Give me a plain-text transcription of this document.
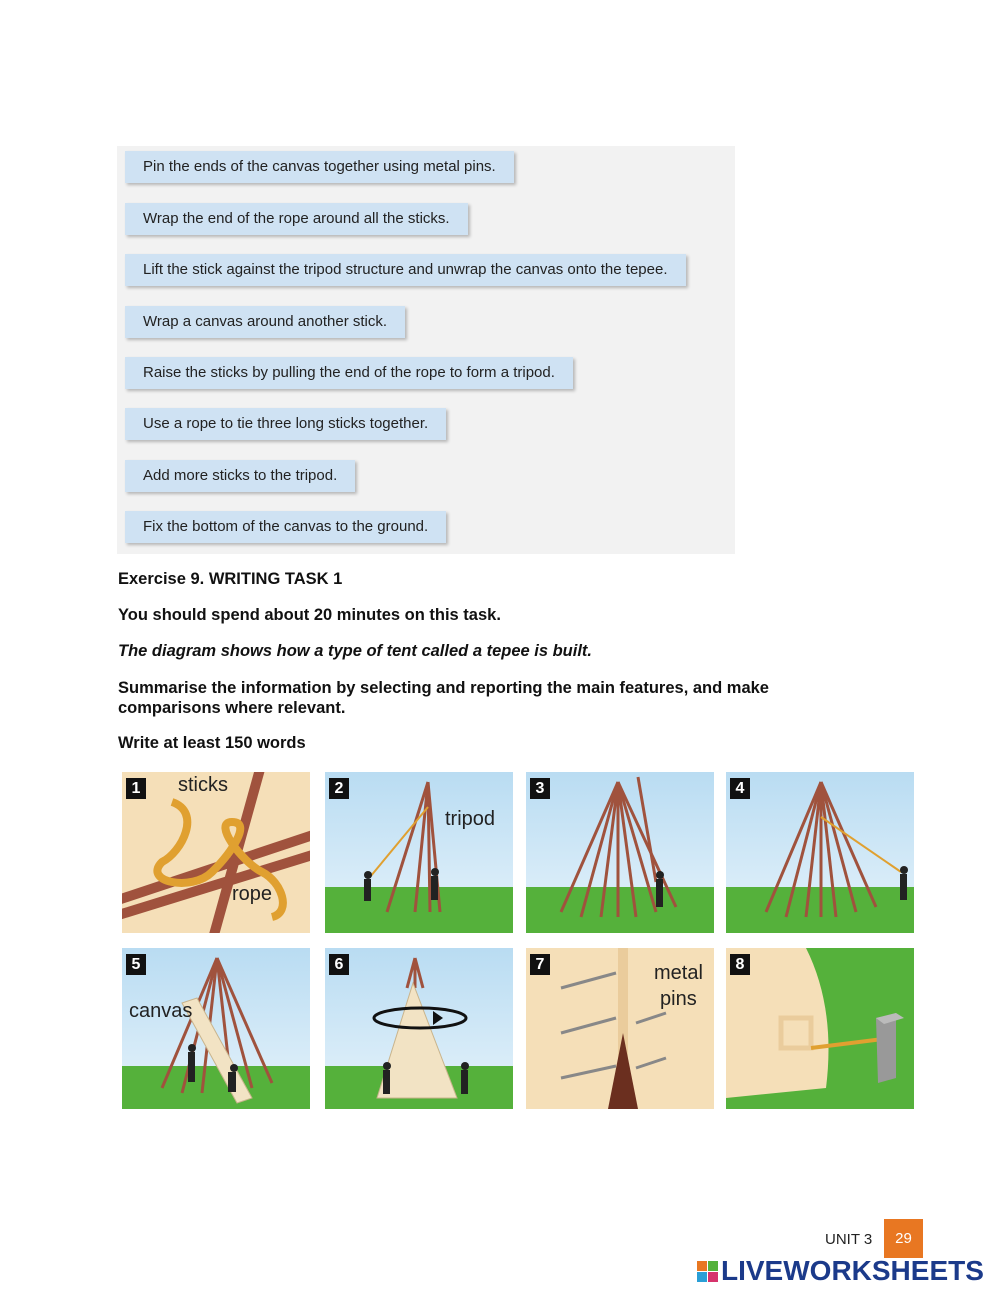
Pin the ends of the canvas together using metal pins.
Wrap the end of the rope around all the sticks.
Lift the stick against the tripod structure and unwrap the canvas onto the tepee.
Wrap a canvas around another stick.
Raise the sticks by pulling the end of the rope to form a tripod.
Use a rope to tie three long sticks together.
Add more sticks to the tripod.
Fix the bottom of the canvas to the ground.
Exercise 9. WRITING TASK 1
You should spend about 20 minutes on this task.
The diagram shows how a type of tent called a tepee is built.
Summarise the information by selecting and reporting the main features, and make comparisons where relevant.
Write at least 150 words
1 sticks
rope
2
tripod
3	4
5
canvas
6	7	metal
pins
8
UNIT 3	29
LIVEWORKSHEETS
